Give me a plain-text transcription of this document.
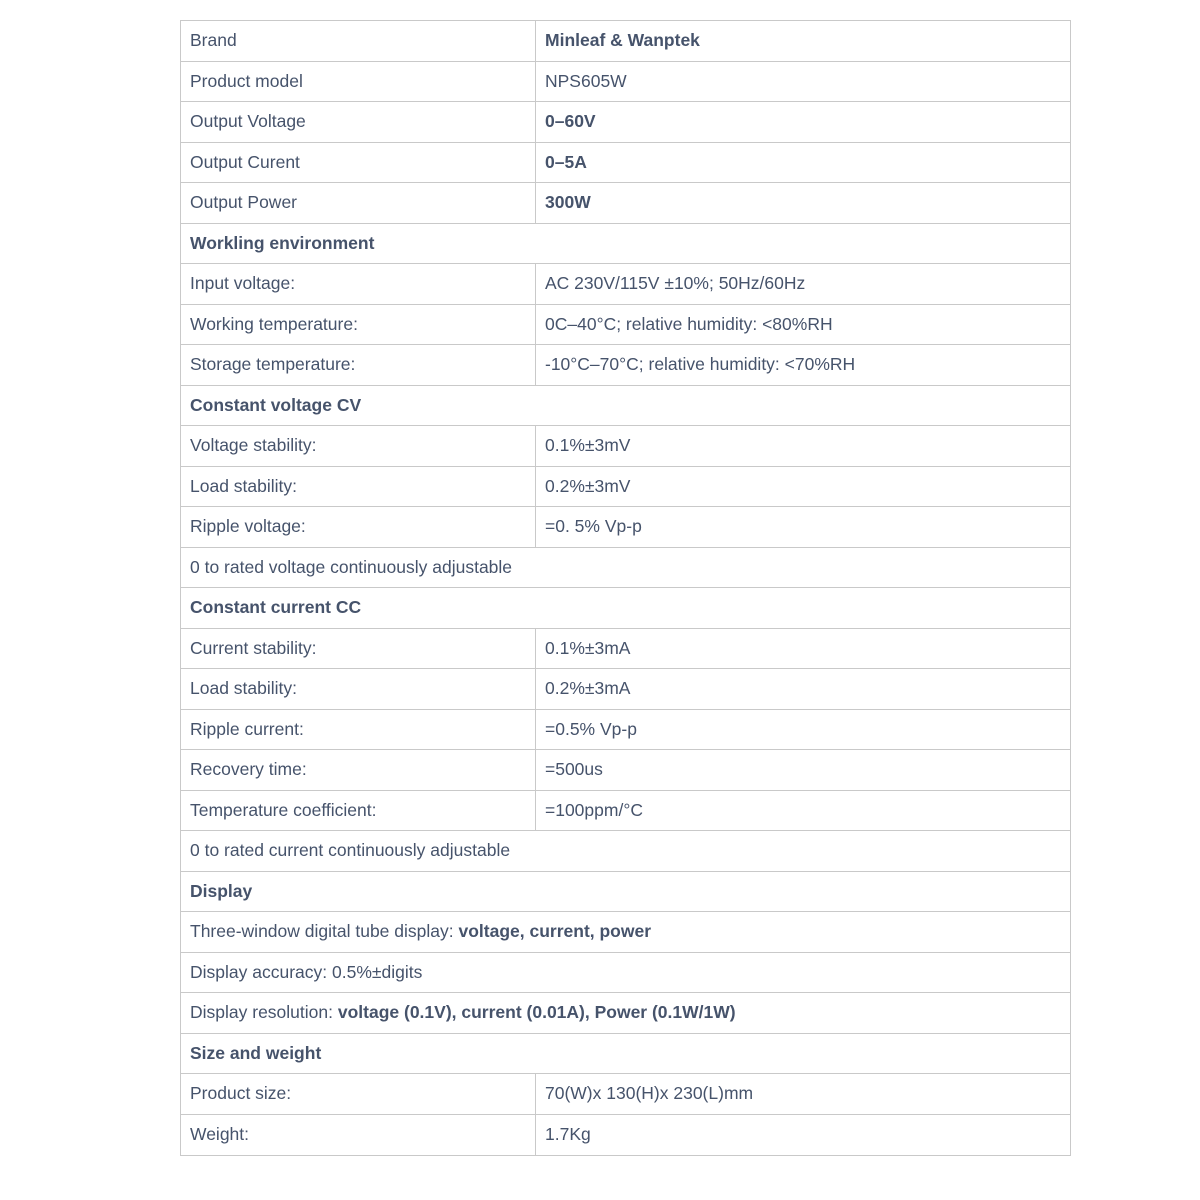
Brand	Minleaf & Wanptek
Product model	NPS605W
Output Voltage	0–60V
Output Curent	0–5A
Output Power	300W
Workling environment
Input voltage:	AC 230V/115V ±10%; 50Hz/60Hz
Working temperature:	0C–40°C; relative humidity: <80%RH
Storage temperature:	-10°C–70°C; relative humidity: <70%RH
Constant voltage CV
Voltage stability:	0.1%±3mV
Load stability:	0.2%±3mV
Ripple voltage:	=0. 5% Vp-p
0 to rated voltage continuously adjustable
Constant current CC
Current stability:	0.1%±3mA
Load stability:	0.2%±3mA
Ripple current:	=0.5% Vp-p
Recovery time:	=500us
Temperature coefficient:	=100ppm/°C
0 to rated current continuously adjustable
Display
Three-window digital tube display: voltage, current, power
Display accuracy: 0.5%±digits
Display resolution: voltage (0.1V), current (0.01A), Power (0.1W/1W)
Size and weight
Product size:	70(W)x 130(H)x 230(L)mm
Weight:	1.7Kg
